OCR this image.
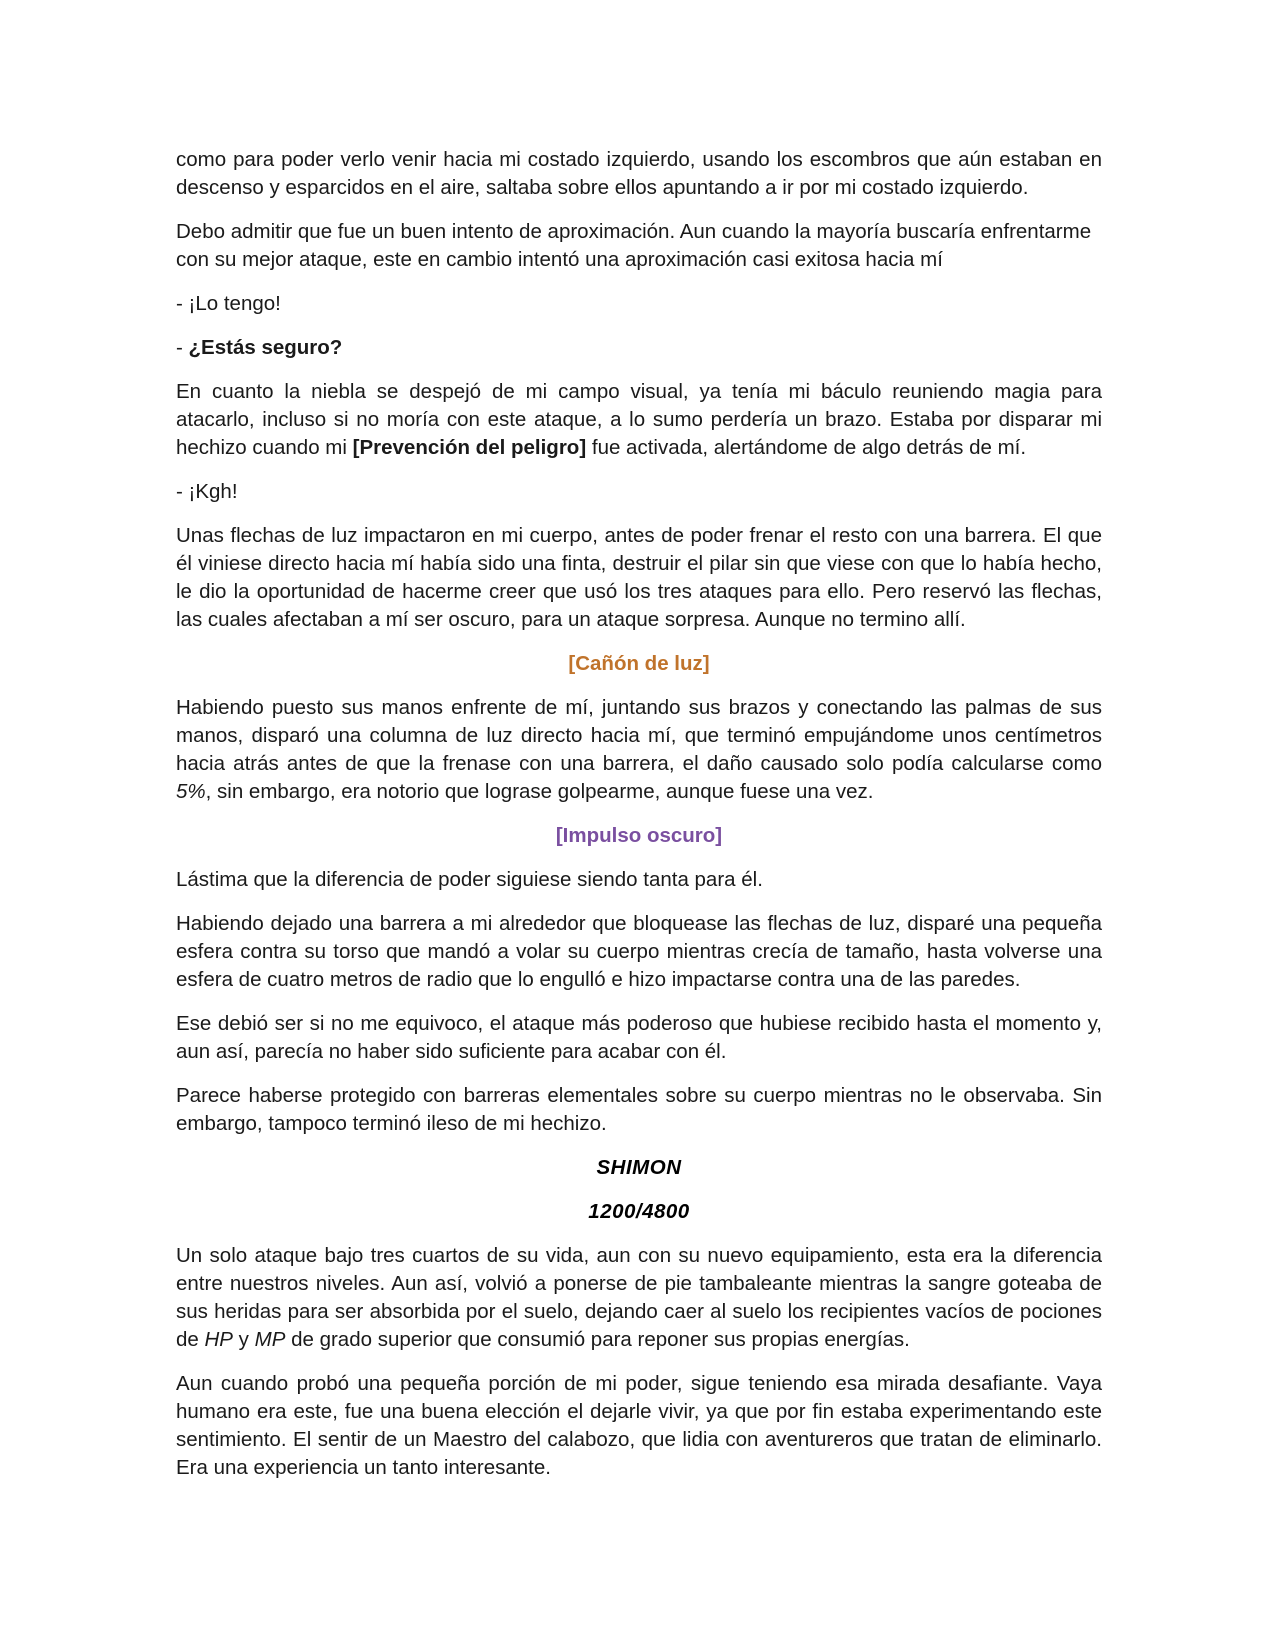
como para poder verlo venir hacia mi costado izquierdo, usando los escombros que aún estaban en descenso y esparcidos en el aire, saltaba sobre ellos apuntando a ir por mi costado izquierdo.

Debo admitir que fue un buen intento de aproximación. Aun cuando la mayoría buscaría enfrentarme con su mejor ataque, este en cambio intentó una aproximación casi exitosa hacia mí

- ¡Lo tengo!

- ¿Estás seguro?

En cuanto la niebla se despejó de mi campo visual, ya tenía mi báculo reuniendo magia para atacarlo, incluso si no moría con este ataque, a lo sumo perdería un brazo. Estaba por disparar mi hechizo cuando mi [Prevención del peligro] fue activada, alertándome de algo detrás de mí.

- ¡Kgh!

Unas flechas de luz impactaron en mi cuerpo, antes de poder frenar el resto con una barrera. El que él viniese directo hacia mí había sido una finta, destruir el pilar sin que viese con que lo había hecho, le dio la oportunidad de hacerme creer que usó los tres ataques para ello. Pero reservó las flechas, las cuales afectaban a mí ser oscuro, para un ataque sorpresa. Aunque no termino allí.

[Cañón de luz]

Habiendo puesto sus manos enfrente de mí, juntando sus brazos y conectando las palmas de sus manos, disparó una columna de luz directo hacia mí, que terminó empujándome unos centímetros hacia atrás antes de que la frenase con una barrera, el daño causado solo podía calcularse como 5%, sin embargo, era notorio que lograse golpearme, aunque fuese una vez.

[Impulso oscuro]

Lástima que la diferencia de poder siguiese siendo tanta para él.

Habiendo dejado una barrera a mi alrededor que bloquease las flechas de luz, disparé una pequeña esfera contra su torso que mandó a volar su cuerpo mientras crecía de tamaño, hasta volverse una esfera de cuatro metros de radio que lo engulló e hizo impactarse contra una de las paredes.

Ese debió ser si no me equivoco, el ataque más poderoso que hubiese recibido hasta el momento y, aun así, parecía no haber sido suficiente para acabar con él.

Parece haberse protegido con barreras elementales sobre su cuerpo mientras no le observaba. Sin embargo, tampoco terminó ileso de mi hechizo.

SHIMON

1200/4800

Un solo ataque bajo tres cuartos de su vida, aun con su nuevo equipamiento, esta era la diferencia entre nuestros niveles. Aun así, volvió a ponerse de pie tambaleante mientras la sangre goteaba de sus heridas para ser absorbida por el suelo, dejando caer al suelo los recipientes vacíos de pociones de HP y MP de grado superior que consumió para reponer sus propias energías.

Aun cuando probó una pequeña porción de mi poder, sigue teniendo esa mirada desafiante. Vaya humano era este, fue una buena elección el dejarle vivir, ya que por fin estaba experimentando este sentimiento. El sentir de un Maestro del calabozo, que lidia con aventureros que tratan de eliminarlo. Era una experiencia un tanto interesante.
